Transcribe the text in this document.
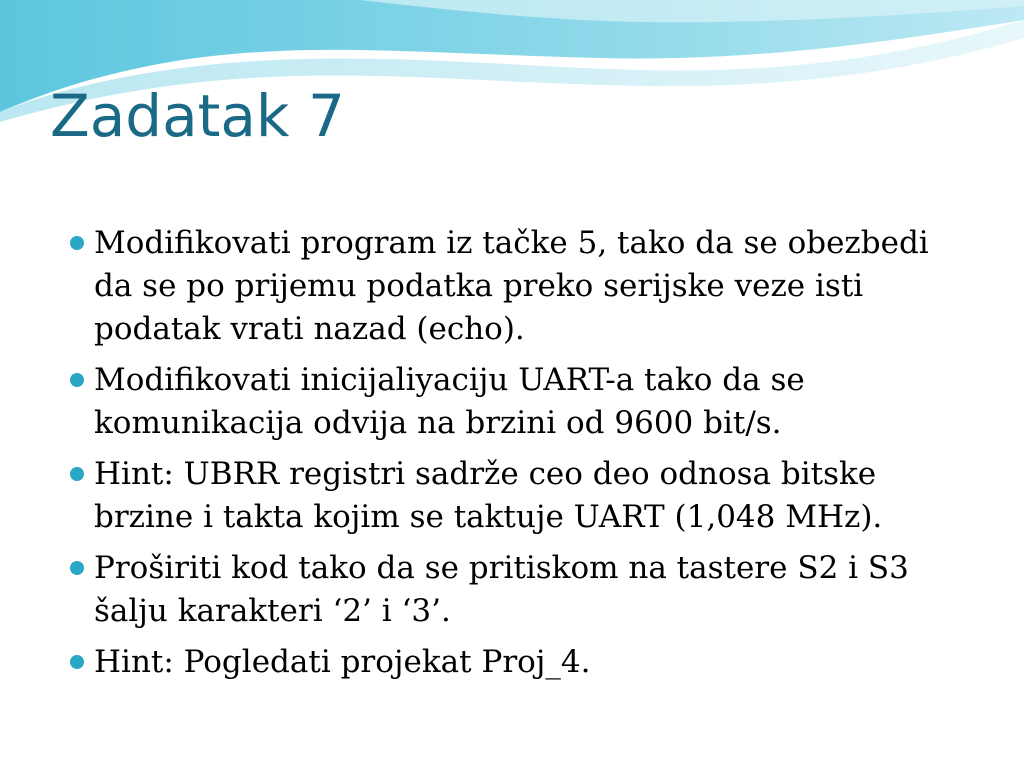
Zadatak 7
Modifikovati program iz tačke 5, tako da se obezbedi da se po prijemu podatka preko serijske veze isti podatak vrati nazad (echo).
Modifikovati inicijaliyaciju UART-a tako da se komunikacija odvija na brzini od 9600 bit/s.
Hint: UBRR registri sadrže ceo deo odnosa bitske brzine i takta kojim se taktuje UART (1,048 MHz).
Proširiti kod tako da se pritiskom na tastere S2 i S3 šalju karakteri ‘2’ i ‘3’.
Hint: Pogledati projekat Proj_4.
